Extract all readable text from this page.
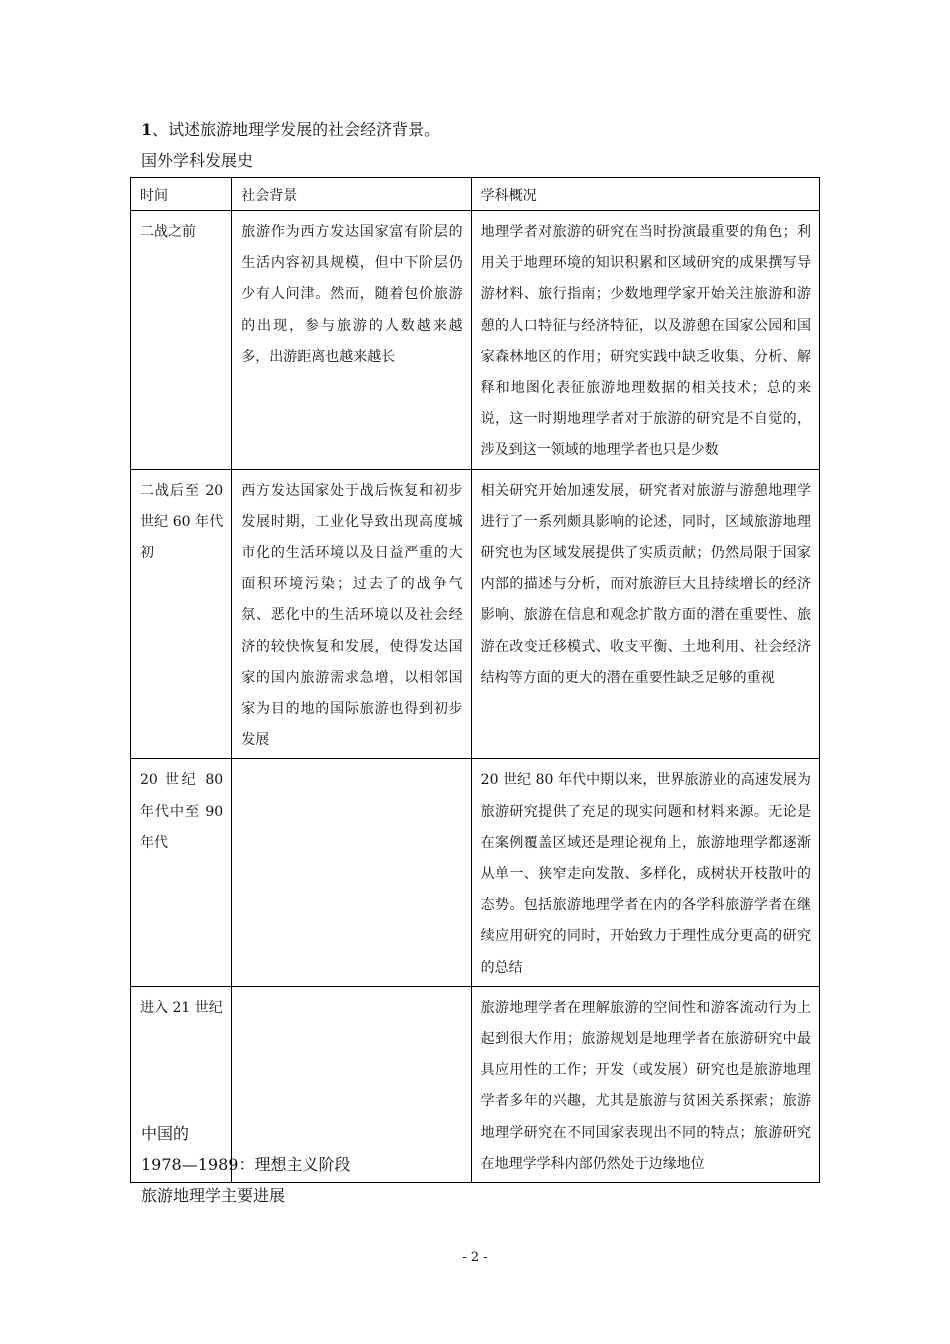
1、试述旅游地理学发展的社会经济背景。
国外学科发展史
时间	社会背景	学科概况
二战之前	旅游作为西方发达国家富有阶层的生活内容初具规模，但中下阶层仍少有人问津。然而，随着包价旅游的出现，参与旅游的人数越来越多，出游距离也越来越长	地理学者对旅游的研究在当时扮演最重要的角色；利用关于地理环境的知识积累和区域研究的成果撰写导游材料、旅行指南；少数地理学家开始关注旅游和游憩的人口特征与经济特征，以及游憩在国家公园和国家森林地区的作用；研究实践中缺乏收集、分析、解释和地图化表征旅游地理数据的相关技术；总的来说，这一时期地理学者对于旅游的研究是不自觉的，涉及到这一领域的地理学者也只是少数
二战后至 20 世纪 60 年代初	西方发达国家处于战后恢复和初步发展时期，工业化导致出现高度城市化的生活环境以及日益严重的大面积环境污染；过去了的战争气氛、恶化中的生活环境以及社会经济的较快恢复和发展，使得发达国家的国内旅游需求急增，以相邻国家为目的地的国际旅游也得到初步发展	相关研究开始加速发展，研究者对旅游与游憩地理学进行了一系列颇具影响的论述，同时，区域旅游地理研究也为区域发展提供了实质贡献；仍然局限于国家内部的描述与分析，而对旅游巨大且持续增长的经济影响、旅游在信息和观念扩散方面的潜在重要性、旅游在改变迁移模式、收支平衡、土地利用、社会经济结构等方面的更大的潜在重要性缺乏足够的重视
20 世纪 80 年代中至 90 年代		20 世纪 80 年代中期以来，世界旅游业的高速发展为旅游研究提供了充足的现实问题和材料来源。无论是在案例覆盖区域还是理论视角上，旅游地理学都逐渐从单一、狭窄走向发散、多样化，成树状开枝散叶的态势。包括旅游地理学者在内的各学科旅游学者在继续应用研究的同时，开始致力于理性成分更高的研究的总结
进入 21 世纪		旅游地理学者在理解旅游的空间性和游客流动行为上起到很大作用；旅游规划是地理学者在旅游研究中最具应用性的工作；开发（或发展）研究也是旅游地理学者多年的兴趣，尤其是旅游与贫困关系探索；旅游地理学研究在不同国家表现出不同的特点；旅游研究在地理学学科内部仍然处于边缘地位
中国的
1978—1989：理想主义阶段
旅游地理学主要进展
- 2 -
